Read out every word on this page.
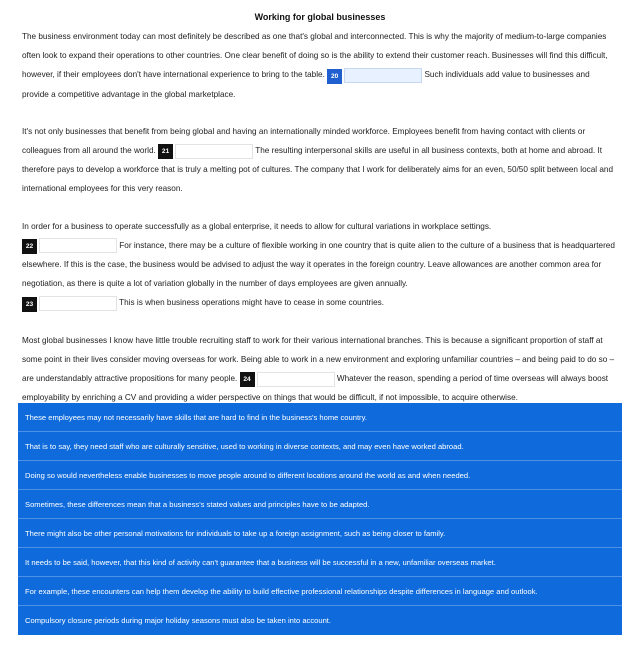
Working for global businesses

The business environment today can most definitely be described as one that's global and interconnected. This is why the majority of medium-to-large companies often look to expand their operations to other countries. One clear benefit of doing so is the ability to extend their customer reach. Businesses will find this difficult, however, if their employees don't have international experience to bring to the table. 20	Such individuals add value to businesses and provide a competitive advantage in the global marketplace.

It's not only businesses that benefit from being global and having an internationally minded workforce. Employees benefit from having contact with clients or colleagues from all around the world. 21	The resulting interpersonal skills are useful in all business contexts, both at home and abroad. It therefore pays to develop a workforce that is truly a melting pot of cultures. The company that I work for deliberately aims for an even, 50/50 split between local and international employees for this very reason.

In order for a business to operate successfully as a global enterprise, it needs to allow for cultural variations in workplace settings.
22	For instance, there may be a culture of flexible working in one country that is quite alien to the culture of a business that is headquartered elsewhere. If this is the case, the business would be advised to adjust the way it operates in the foreign country. Leave allowances are another common area for negotiation, as there is quite a lot of variation globally in the number of days employees are given annually.
23	This is when business operations might have to cease in some countries.

Most global businesses I know have little trouble recruiting staff to work for their various international branches. This is because a significant proportion of staff at some point in their lives consider moving overseas for work. Being able to work in a new environment and exploring unfamiliar countries – and being paid to do so – are understandably attractive propositions for many people. 24	Whatever the reason, spending a period of time overseas will always boost employability by enriching a CV and providing a wider perspective on things that would be difficult, if not impossible, to acquire otherwise.

These employees may not necessarily have skills that are hard to find in the business's home country.
That is to say, they need staff who are culturally sensitive, used to working in diverse contexts, and may even have worked abroad.
Doing so would nevertheless enable businesses to move people around to different locations around the world as and when needed.
Sometimes, these differences mean that a business's stated values and principles have to be adapted.
There might also be other personal motivations for individuals to take up a foreign assignment, such as being closer to family.
It needs to be said, however, that this kind of activity can't guarantee that a business will be successful in a new, unfamiliar overseas market.
For example, these encounters can help them develop the ability to build effective professional relationships despite differences in language and outlook.
Compulsory closure periods during major holiday seasons must also be taken into account.
